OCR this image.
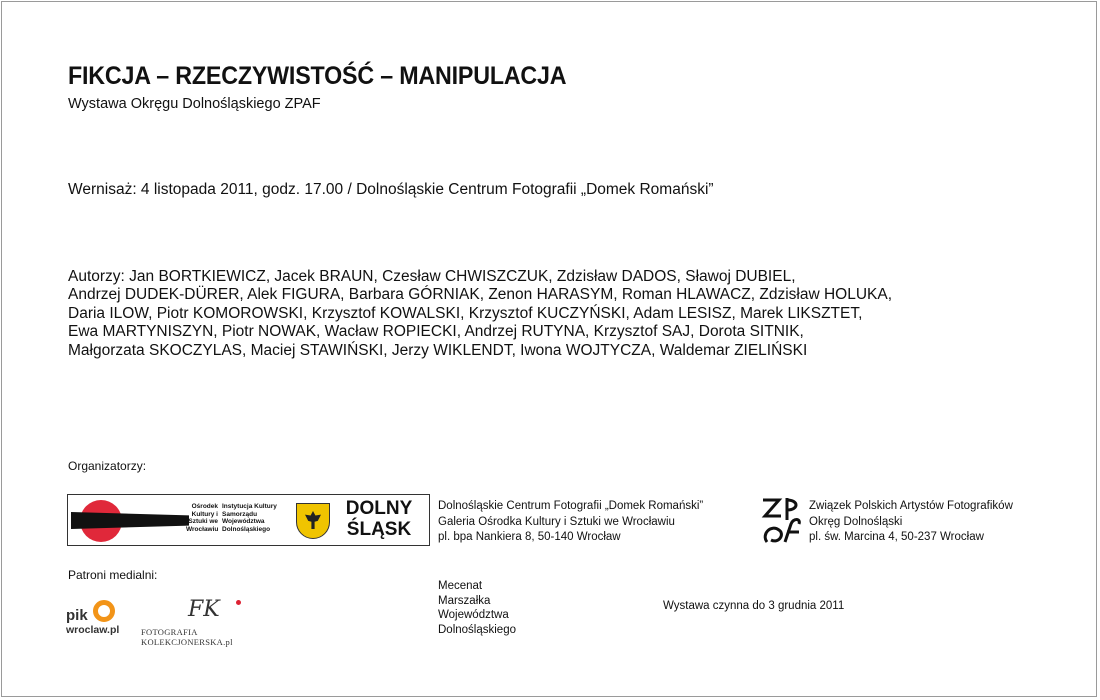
FIKCJA – RZECZYWISTOŚĆ – MANIPULACJA
Wystawa Okręgu Dolnośląskiego ZPAF
Wernisaż: 4 listopada 2011, godz. 17.00 / Dolnośląskie Centrum Fotografii „Domek Romański”
Autorzy: Jan BORTKIEWICZ, Jacek BRAUN, Czesław CHWISZCZUK, Zdzisław DADOS, Sławoj DUBIEL,
Andrzej DUDEK-DÜRER, Alek FIGURA, Barbara GÓRNIAK, Zenon HARASYM, Roman HLAWACZ, Zdzisław HOLUKA,
Daria ILOW, Piotr KOMOROWSKI, Krzysztof KOWALSKI, Krzysztof KUCZYŃSKI, Adam LESISZ, Marek LIKSZTET,
Ewa MARTYNISZYN, Piotr NOWAK, Wacław ROPIECKI, Andrzej RUTYNA, Krzysztof SAJ, Dorota SITNIK,
Małgorzata SKOCZYLAS, Maciej STAWIŃSKI, Jerzy WIKLENDT, Iwona WOJTYCZA, Waldemar ZIELIŃSKI
Organizatorzy:
Ośrodek Kultury i Sztuki we Wrocławiu
Instytucja Kultury Samorządu Województwa Dolnośląskiego
DOLNY ŚLĄSK
Dolnośląskie Centrum Fotografii „Domek Romański”
Galeria Ośrodka Kultury i Sztuki we Wrocławiu
pl. bpa Nankiera 8, 50-140 Wrocław
Związek Polskich Artystów Fotografików
Okręg Dolnośląski
pl. św. Marcina 4, 50-237 Wrocław
Patroni medialni:
pik
wroclaw.pl
FK
FOTOGRAFIA KOLEKCJONERSKA.pl
Mecenat
Marszałka
Województwa
Dolnośląskiego
Wystawa czynna do 3 grudnia 2011
